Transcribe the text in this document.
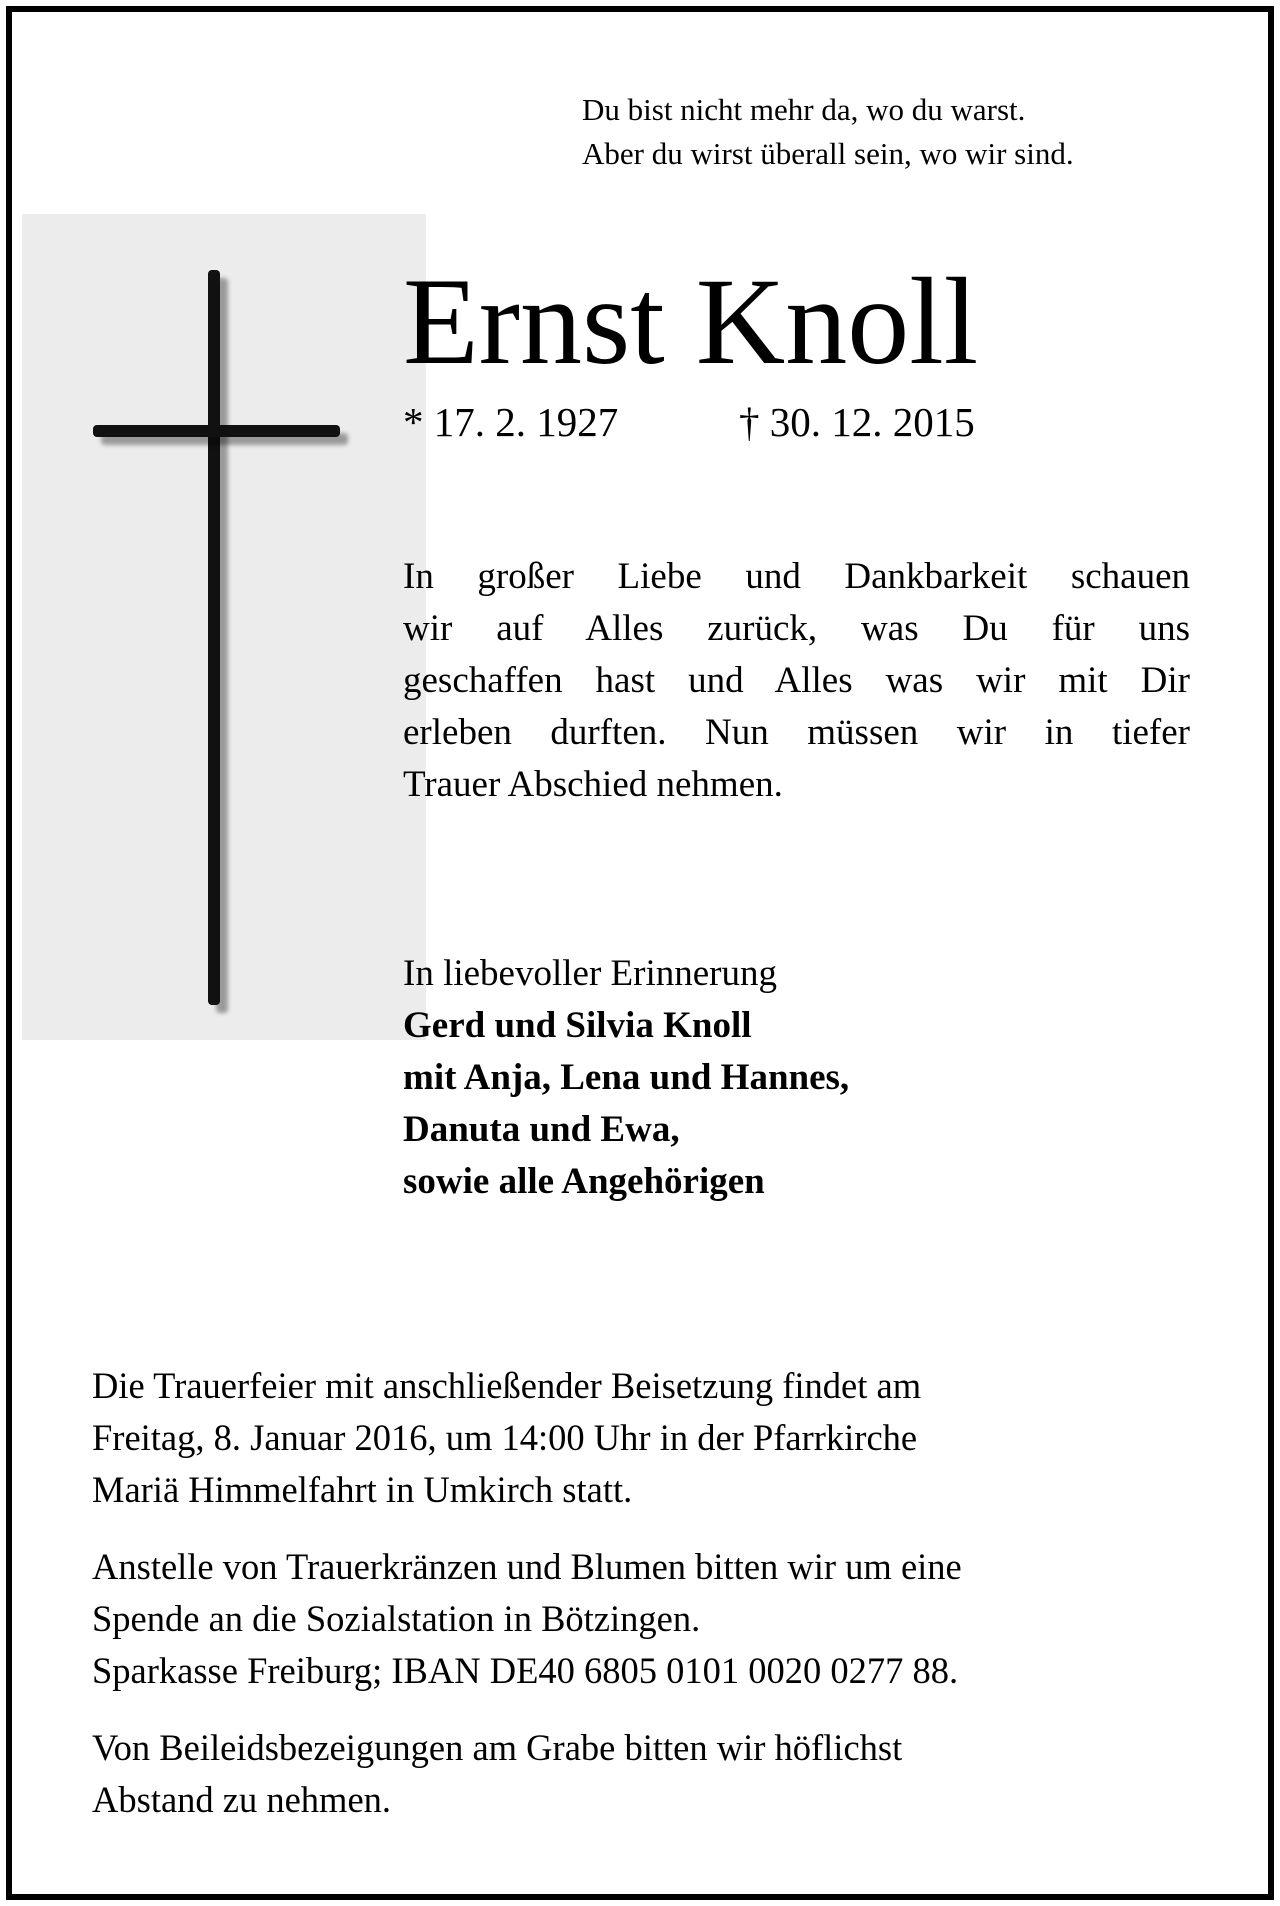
Du bist nicht mehr da, wo du warst.
Aber du wirst überall sein, wo wir sind.
Ernst Knoll
* 17. 2. 1927	† 30. 12. 2015
In großer Liebe und Dankbarkeit schauen
wir auf Alles zurück, was Du für uns
geschaffen hast und Alles was wir mit Dir
erleben durften. Nun müssen wir in tiefer
Trauer Abschied nehmen.
In liebevoller Erinnerung
Gerd und Silvia Knoll
mit Anja, Lena und Hannes,
Danuta und Ewa,
sowie alle Angehörigen
Die Trauerfeier mit anschließender Beisetzung findet am
Freitag, 8. Januar 2016, um 14:00 Uhr in der Pfarrkirche
Mariä Himmelfahrt in Umkirch statt.
Anstelle von Trauerkränzen und Blumen bitten wir um eine
Spende an die Sozialstation in Bötzingen.
Sparkasse Freiburg; IBAN DE40 6805 0101 0020 0277 88.
Von Beileidsbezeigungen am Grabe bitten wir höflichst
Abstand zu nehmen.
